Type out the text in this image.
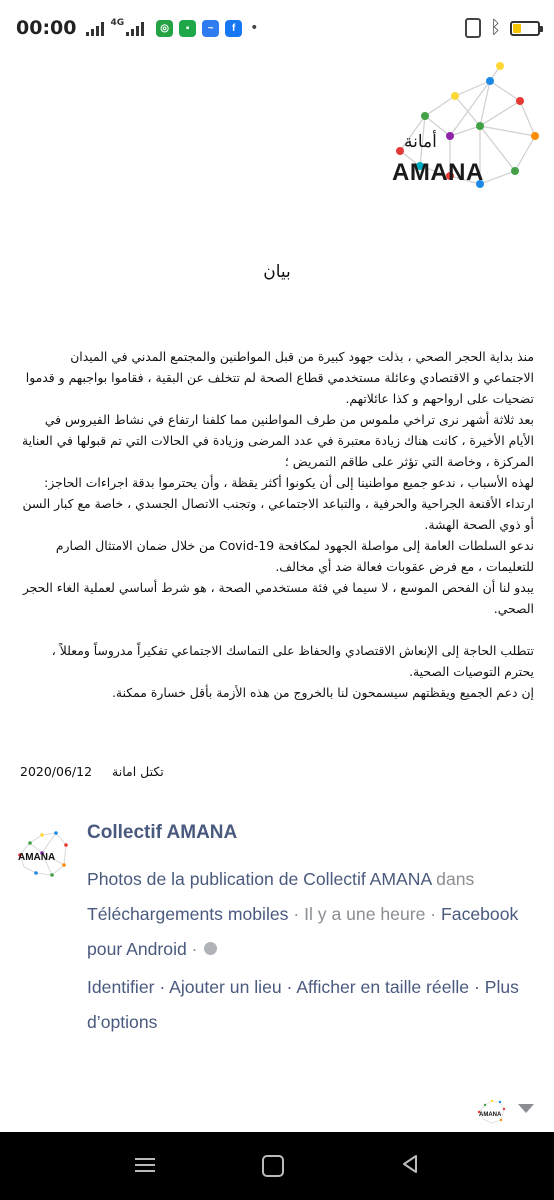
00:00	4G	◎	▪	~	f	•	ᛒ
أمانة
AMANA
بيان

منذ بداية الحجر الصحي ، بذلت جهود كبيرة من قبل المواطنين والمجتمع المدني في الميدان الاجتماعي و الاقتصادي وعائلة مستخدمي قطاع الصحة لم تتخلف عن البقية ، فقاموا بواجبهم و قدموا تضحيات على ارواحهم و كذا عائلاتهم.

بعد ثلاثة أشهر نرى تراخي ملموس من طرف المواطنين مما كلفنا ارتفاع في نشاط الفيروس في الأيام الأخيرة ، كانت هناك زيادة معتبرة في عدد المرضى وزيادة في الحالات التي تم قبولها في العناية المركزة ، وخاصة التي تؤثر على طاقم التمريض ؛

لهذه الأسباب ، ندعو جميع مواطنينا إلى أن يكونوا أكثر يقظة ، وأن يحترموا بدقة اجراءات الحاجز: ارتداء الأقنعة الجراحية والحرفية ، والتباعد الاجتماعي ، وتجنب الاتصال الجسدي ، خاصة مع كبار السن أو ذوي الصحة الهشة.

ندعو السلطات العامة إلى مواصلة الجهود لمكافحة Covid-19 من خلال ضمان الامتثال الصارم للتعليمات ، مع فرض عقوبات فعالة ضد أي مخالف.

يبدو لنا أن الفحص الموسع ، لا سيما في فئة مستخدمي الصحة ، هو شرط أساسي لعملية الغاء الحجر الصحي.

تتطلب الحاجة إلى الإنعاش الاقتصادي والحفاظ على التماسك الاجتماعي تفكيراً مدروساً ومعللاً ، يحترم التوصيات الصحية.

إن دعم الجميع ويقظتهم سيسمحون لنا بالخروج من هذه الأزمة بأقل خسارة ممكنة.

2020/06/12 تكتل امانة
AMANA
Collectif AMANA
Photos de la publication de Collectif AMANA dans Téléchargements mobiles · Il y a une heure · Facebook pour Android ·
Identifier · Ajouter un lieu · Afficher en taille réelle · Plus d’options
AMANA
